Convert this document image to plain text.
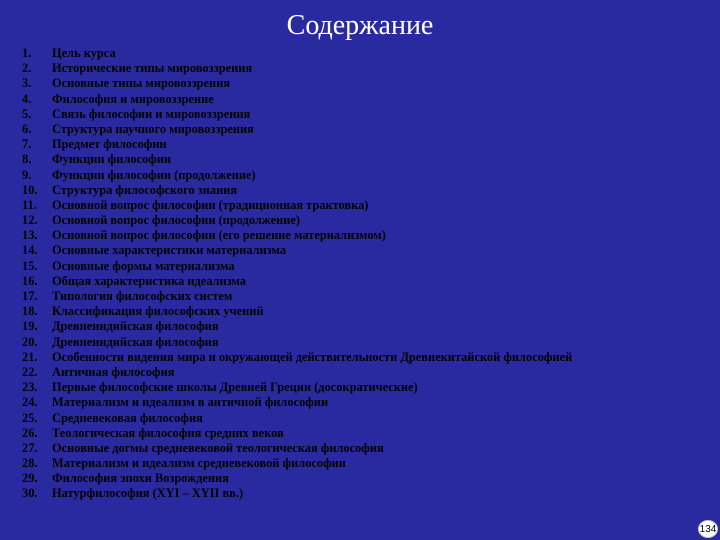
Содержание
1.	Цель курса
2.	Исторические типы мировоззрения
3.	Основные типы мировоззрения
4.	Философия и мировоззрение
5.	Связь философии и мировоззрения
6.	Структура научного мировоззрения
7.	Предмет философии
8.	Функции философии
9.	Функции философии (продолжение)
10.	Структура философского знания
11.	Основной вопрос философии (традиционная трактовка)
12.	Основной вопрос философии (продолжение)
13.	Основной вопрос философии (его решение материализмом)
14.	Основные характеристики материализма
15.	Основные формы материализма
16.	Общая характеристика идеализма
17.	Типология философских систем
18.	Классификация философских учений
19.	Древнеиндийская философия
20.	Древнеиндийская философия
21.	Особенности видения мира и окружающей действительности Древнекитайской философией
22.	Античная философия
23.	Первые философские школы Древней Греции (досократические)
24.	Материализм и идеализм в античной философии
25.	Средневековая философия
26.	Теологическая философия средних веков
27.	Основные догмы средневековой теологическая философия
28.	Материализм и идеализм средневековой философии
29.	Философия эпохи Возрождения
30.	Натурфилософия (XYI – XYII вв.)
134
